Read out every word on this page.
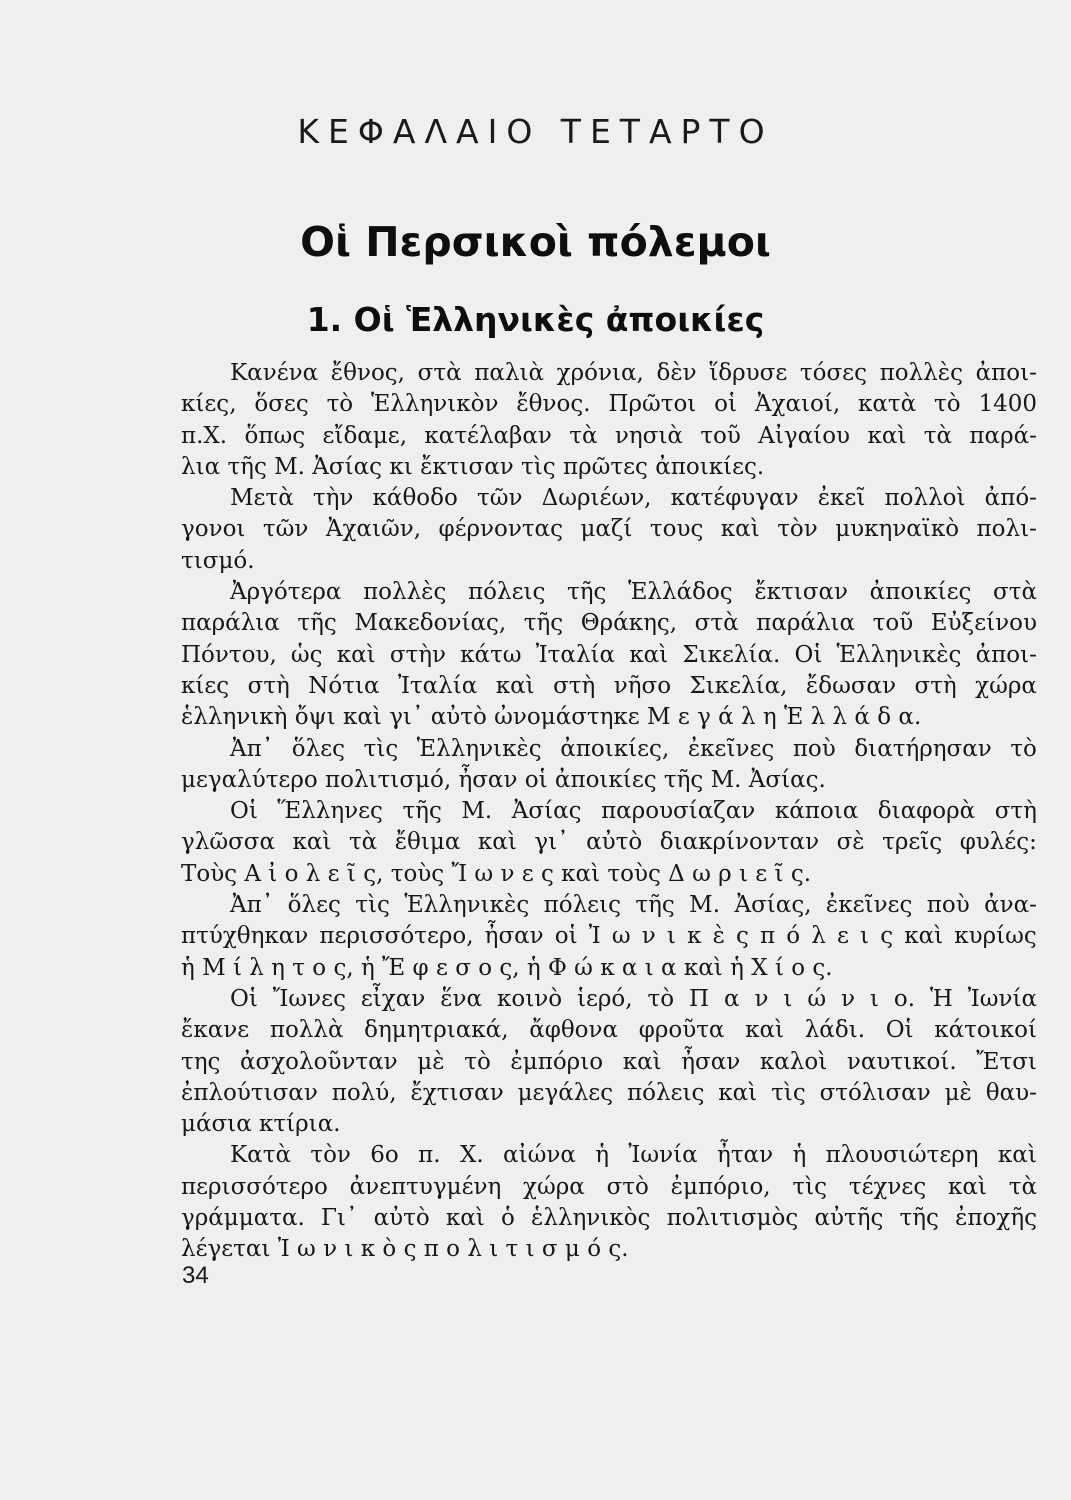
ΚΕΦΑΛΑΙΟ ΤΕΤΑΡΤΟ
Οἱ Περσικοὶ πόλεμοι
1. Οἱ Ἑλληνικὲς ἀποικίες
Κανένα ἔθνος, στὰ παλιὰ χρόνια, δὲν ἵδρυσε τόσες πολλὲς ἀποι-
κίες, ὅσες τὸ Ἑλληνικὸν ἔθνος. Πρῶτοι οἱ Ἀχαιοί, κατὰ τὸ 1400
π.Χ. ὅπως εἴδαμε, κατέλαβαν τὰ νησιὰ τοῦ Αἰγαίου καὶ τὰ παρά-
λια τῆς Μ. Ἀσίας κι ἔκτισαν τὶς πρῶτες ἀποικίες.
Μετὰ τὴν κάθοδο τῶν Δωριέων, κατέφυγαν ἐκεῖ πολλοὶ ἀπό-
γονοι τῶν Ἀχαιῶν, φέρνοντας μαζί τους καὶ τὸν μυκηναϊκὸ πολι-
τισμό.
Ἀργότερα πολλὲς πόλεις τῆς Ἑλλάδος ἔκτισαν ἀποικίες στὰ
παράλια τῆς Μακεδονίας, τῆς Θράκης, στὰ παράλια τοῦ Εὐξείνου
Πόντου, ὡς καὶ στὴν κάτω Ἰταλία καὶ Σικελία. Οἱ Ἑλληνικὲς ἀποι-
κίες στὴ Νότια Ἰταλία καὶ στὴ νῆσο Σικελία, ἔδωσαν στὴ χώρα
ἑλληνικὴ ὄψι καὶ γι᾿ αὐτὸ ὠνομάστηκε Μ ε γ ά λ η Ἑ λ λ ά δ α.
Ἀπ᾿ ὅλες τὶς Ἑλληνικὲς ἀποικίες, ἐκεῖνες ποὺ διατήρησαν τὸ
μεγαλύτερο πολιτισμό, ἦσαν οἱ ἀποικίες τῆς Μ. Ἀσίας.
Οἱ Ἕλληνες τῆς Μ. Ἀσίας παρουσίαζαν κάποια διαφορὰ στὴ
γλῶσσα καὶ τὰ ἔθιμα καὶ γι᾿ αὐτὸ διακρίνονταν σὲ τρεῖς φυλές:
Τοὺς Α ἰ ο λ ε ῖ ς, τοὺς Ἴ ω ν ε ς καὶ τοὺς Δ ω ρ ι ε ῖ ς.
Ἀπ᾿ ὅλες τὶς Ἑλληνικὲς πόλεις τῆς Μ. Ἀσίας, ἐκεῖνες ποὺ ἀνα-
πτύχθηκαν περισσότερο, ἦσαν οἱ Ἰ ω ν ι κ ὲ ς π ό λ ε ι ς καὶ κυρίως
ἡ Μ ί λ η τ ο ς, ἡ Ἔ φ ε σ ο ς, ἡ Φ ώ κ α ι α καὶ ἡ Χ ί ο ς.
Οἱ Ἴωνες εἶχαν ἕνα κοινὸ ἱερό, τὸ Π α ν ι ώ ν ι ο. Ἡ Ἰωνία
ἔκανε πολλὰ δημητριακά, ἄφθονα φροῦτα καὶ λάδι. Οἱ κάτοικοί
της ἀσχολοῦνταν μὲ τὸ ἐμπόριο καὶ ἦσαν καλοὶ ναυτικοί. Ἔτσι
ἐπλούτισαν πολύ, ἔχτισαν μεγάλες πόλεις καὶ τὶς στόλισαν μὲ θαυ-
μάσια κτίρια.
Κατὰ τὸν 6ο π. Χ. αἰώνα ἡ Ἰωνία ἦταν ἡ πλουσιώτερη καὶ
περισσότερο ἀνεπτυγμένη χώρα στὸ ἐμπόριο, τὶς τέχνες καὶ τὰ
γράμματα. Γι᾿ αὐτὸ καὶ ὁ ἑλληνικὸς πολιτισμὸς αὐτῆς τῆς ἐποχῆς
λέγεται Ἰ ω ν ι κ ὸ ς π ο λ ι τ ι σ μ ό ς.
34
